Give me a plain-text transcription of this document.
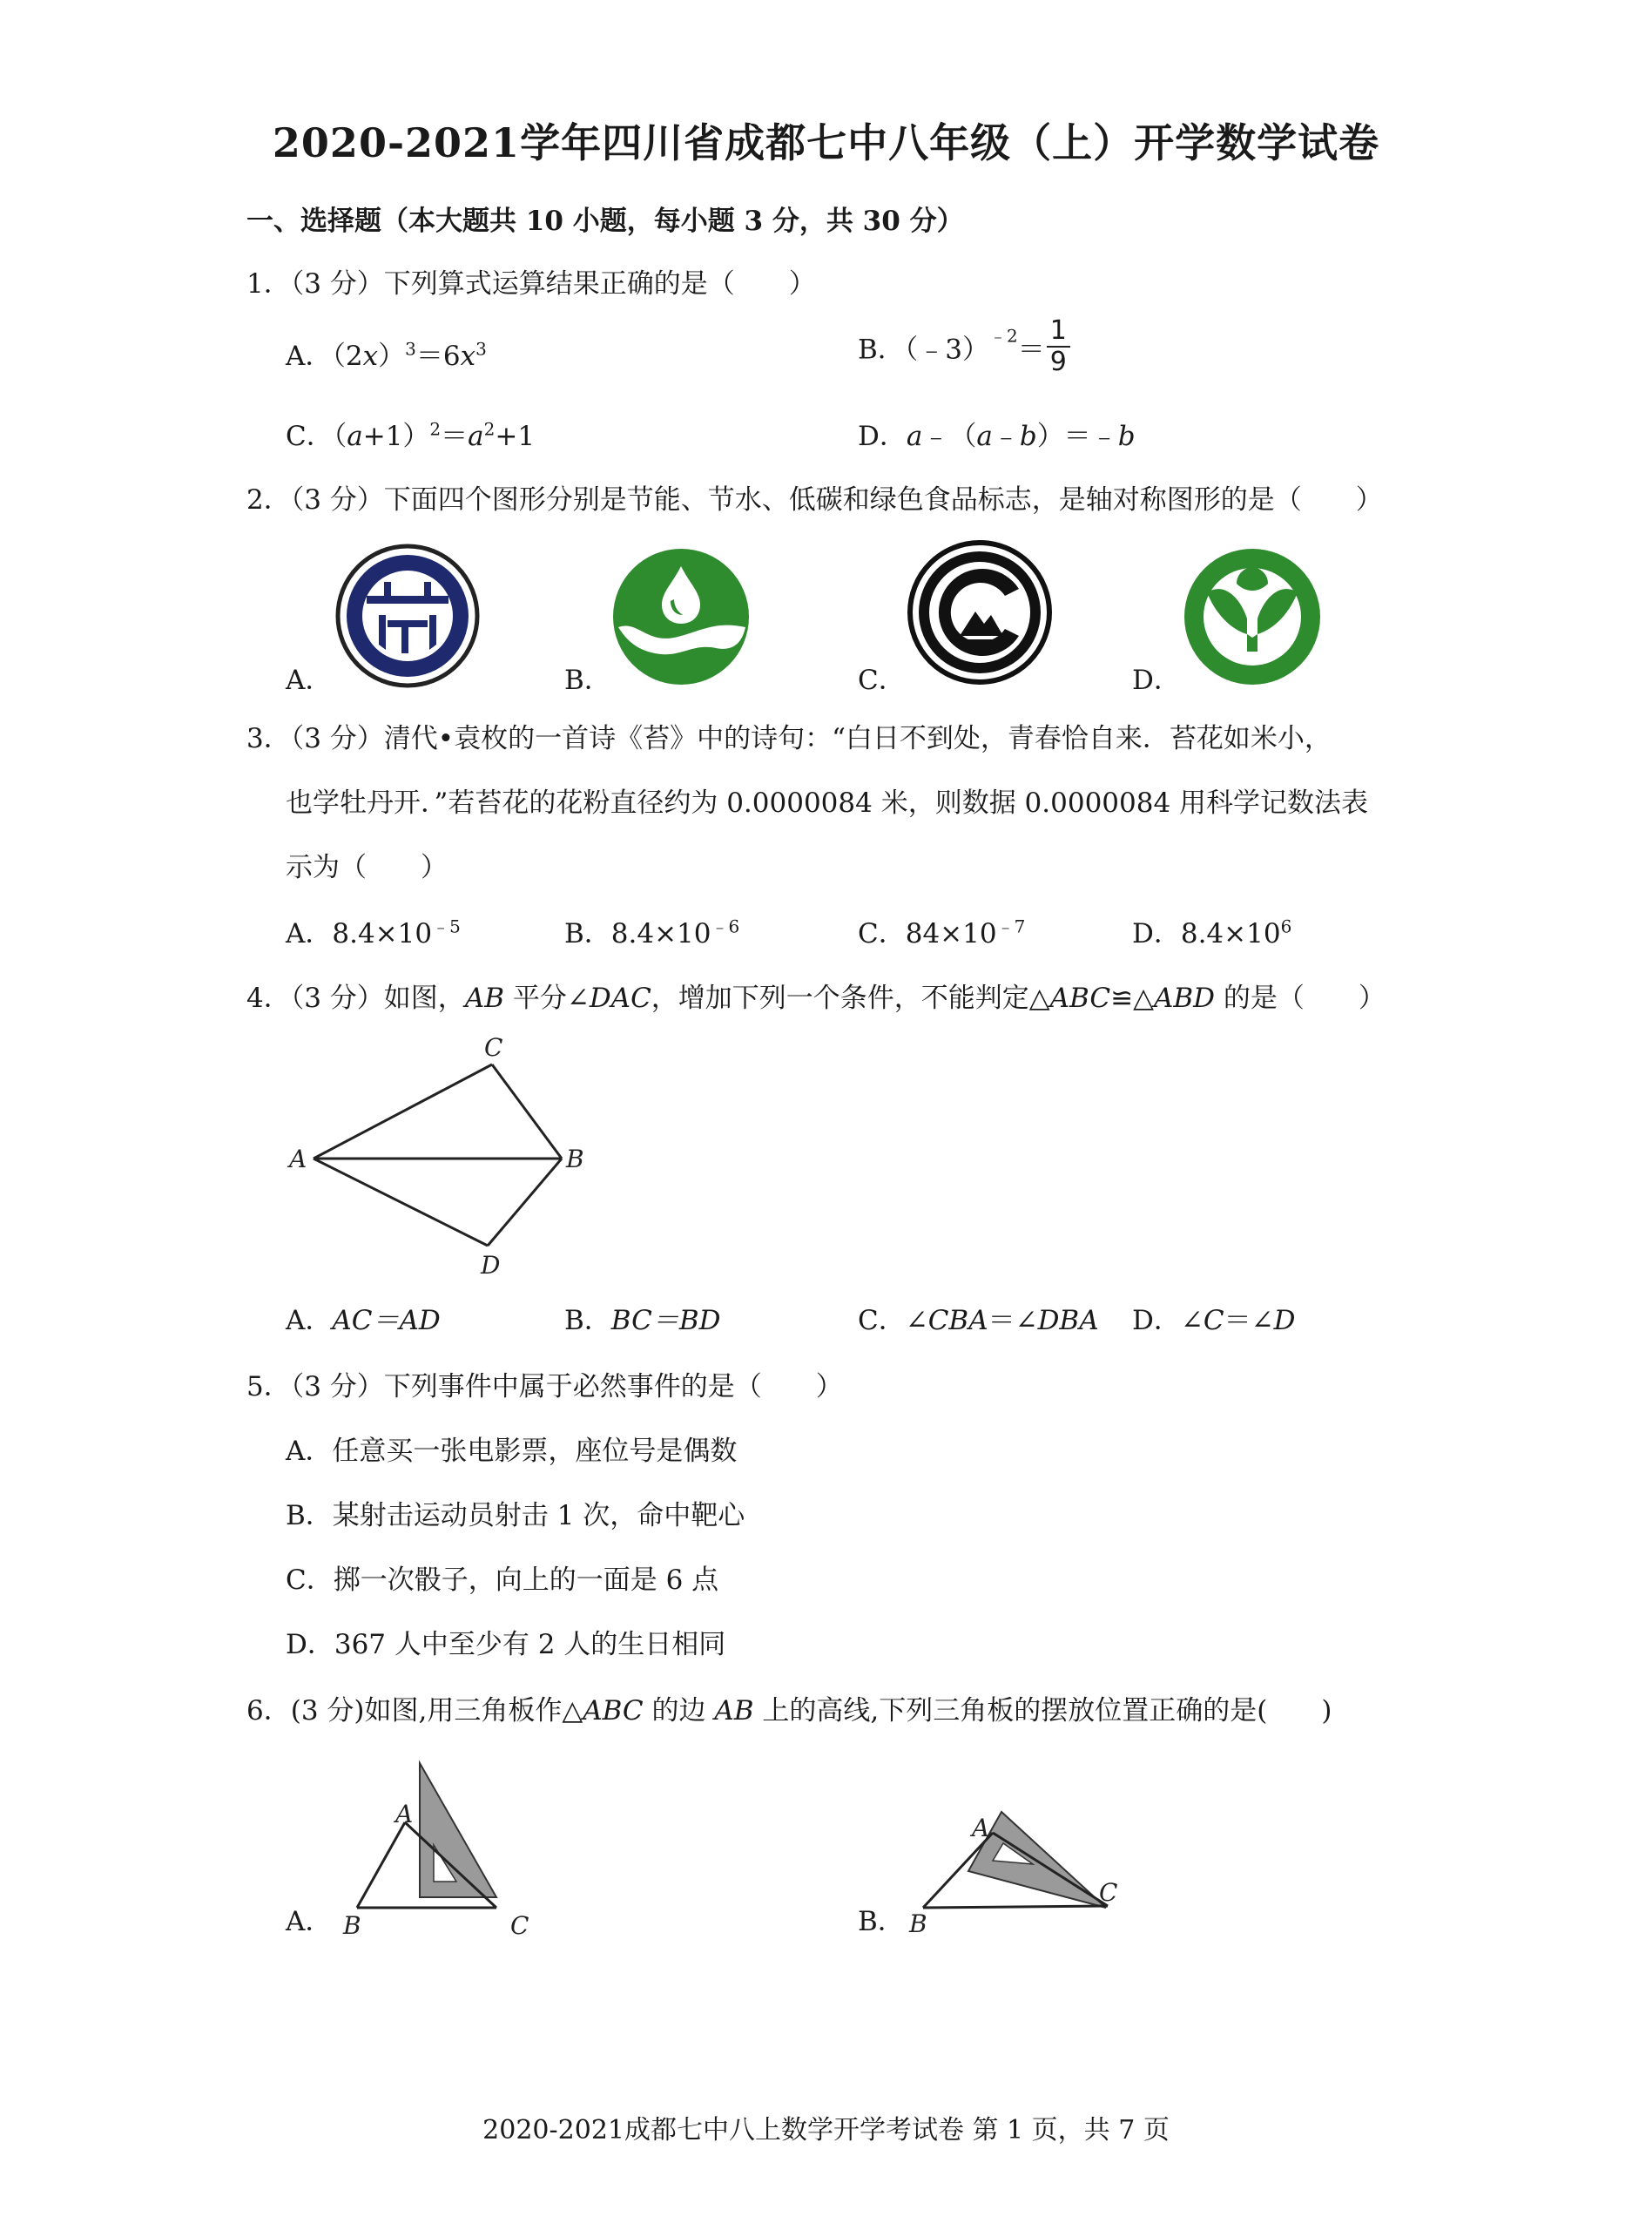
2020-2021学年四川省成都七中八年级（上）开学数学试卷
一、选择题（本大题共 10 小题，每小题 3 分，共 30 分）
1．（3 分）下列算式运算结果正确的是（　　）
A．$(2x)^3=6x^3$	B．（﹣3）$^{﹣2}$＝ $\frac{1}{9}$
C．$(a+1)^2=a^2+1$	D．a﹣（a﹣b）＝﹣b
2．（3 分）下面四个图形分别是节能、节水、低碳和绿色食品标志，是轴对称图形的是（　　）
A．	B．	C．	D．
3．（3 分）清代•袁枚的一首诗《苔》中的诗句：“白日不到处，青春恰自来．苔花如米小，
也学牡丹开．”若苔花的花粉直径约为 0.0000084 米，则数据 0.0000084 用科学记数法表
示为（　　）
A．$8.4\times 10^{﹣5}$	B．$8.4\times 10^{﹣6}$	C．$84\times 10^{﹣7}$	D．$8.4\times 10^6$
4．（3 分）如图，AB 平分∠DAC，增加下列一个条件，不能判定△ABC≌△ABD 的是（　　）
A
C
B
D
A．AC＝AD	B．BC＝BD	C．∠CBA＝∠DBA D．∠C＝∠D
5．（3 分）下列事件中属于必然事件的是（　　）
A．任意买一张电影票，座位号是偶数
B．某射击运动员射击 1 次，命中靶心
C．掷一次骰子，向上的一面是 6 点
D．367 人中至少有 2 人的生日相同
6．(3 分)如图,用三角板作△ABC 的边 AB 上的高线,下列三角板的摆放位置正确的是(　　)
A
B	C
A．
A
B
C
B．
2020-2021成都七中八上数学开学考试卷 第 1 页，共 7 页
